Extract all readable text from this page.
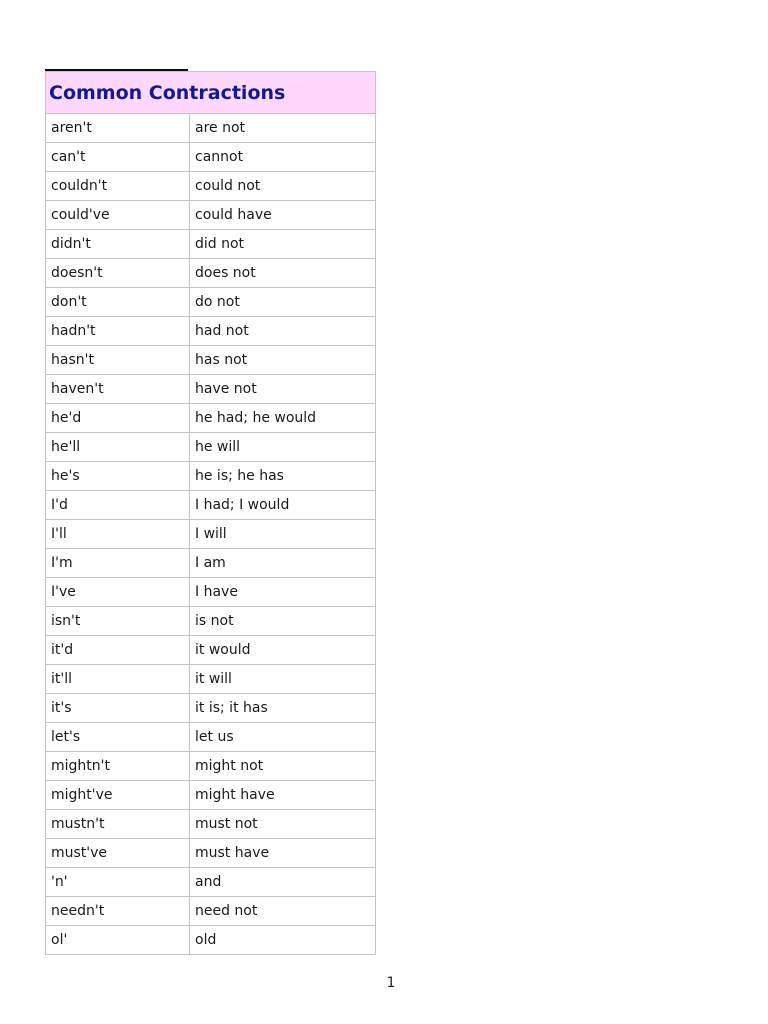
Common Contractions	
aren't	are not
can't	cannot
couldn't	could not
could've	could have
didn't	did not
doesn't	does not
don't	do not
hadn't	had not
hasn't	has not
haven't	have not
he'd	he had; he would
he'll	he will
he's	he is; he has
I'd	I had; I would
I'll	I will
I'm	I am
I've	I have
isn't	is not
it'd	it would
it'll	it will
it's	it is; it has
let's	let us
mightn't	might not
might've	might have
mustn't	must not
must've	must have
'n'	and
needn't	need not
ol'	old
1
